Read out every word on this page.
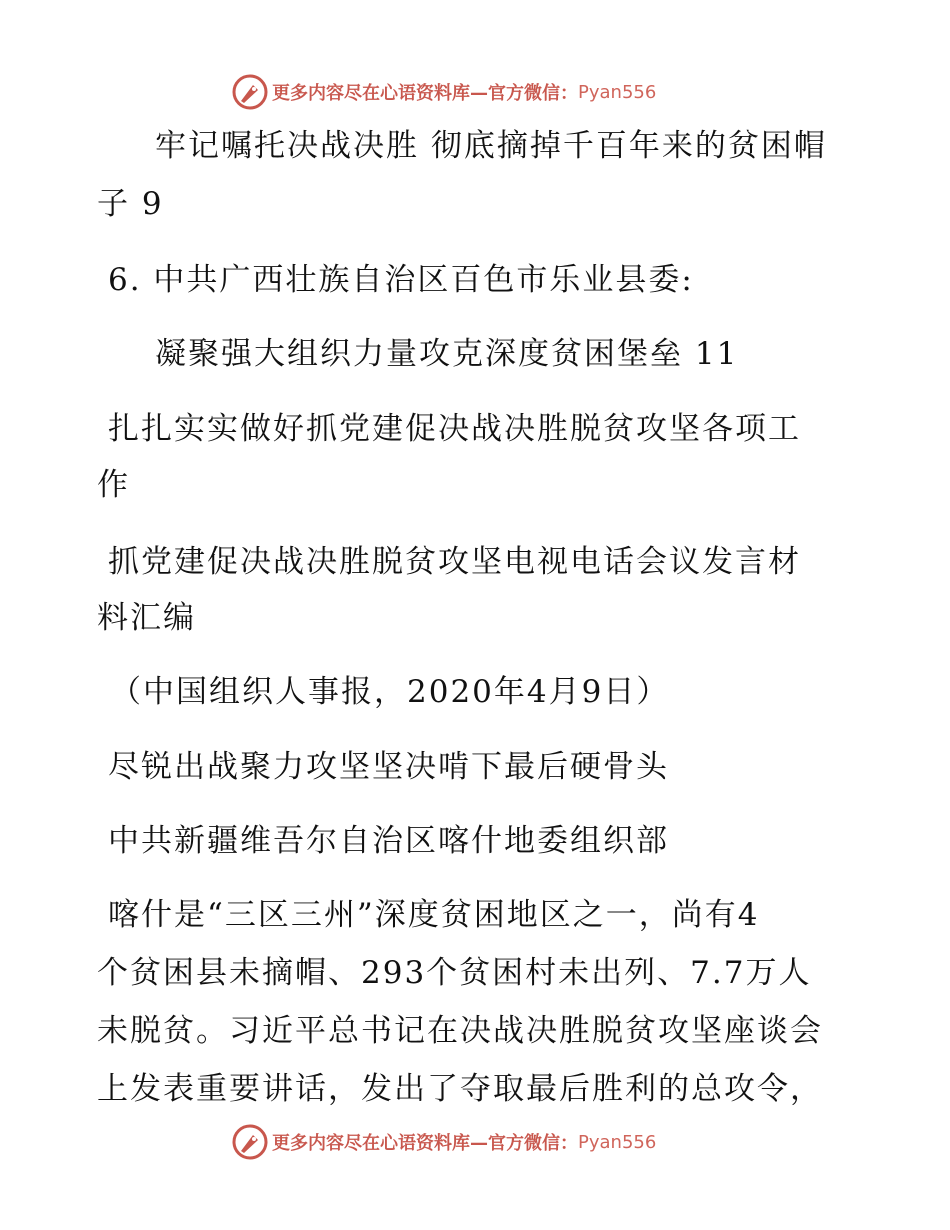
更多内容尽在心语资料库—官方微信： Pyan556
牢记嘱托决战决胜 彻底摘掉千百年来的贫困帽
子 9
6. 中共广西壮族自治区百色市乐业县委:
凝聚强大组织力量攻克深度贫困堡垒 11
扎扎实实做好抓党建促决战决胜脱贫攻坚各项工
作
抓党建促决战决胜脱贫攻坚电视电话会议发言材
料汇编
（中国组织人事报，2020年4月9日）
尽锐出战聚力攻坚坚决啃下最后硬骨头
中共新疆维吾尔自治区喀什地委组织部
喀什是“三区三州”深度贫困地区之一，尚有4
个贫困县未摘帽、293个贫困村未出列、7.7万人
未脱贫。习近平总书记在决战决胜脱贫攻坚座谈会
上发表重要讲话，发出了夺取最后胜利的总攻令，
更多内容尽在心语资料库—官方微信： Pyan556
